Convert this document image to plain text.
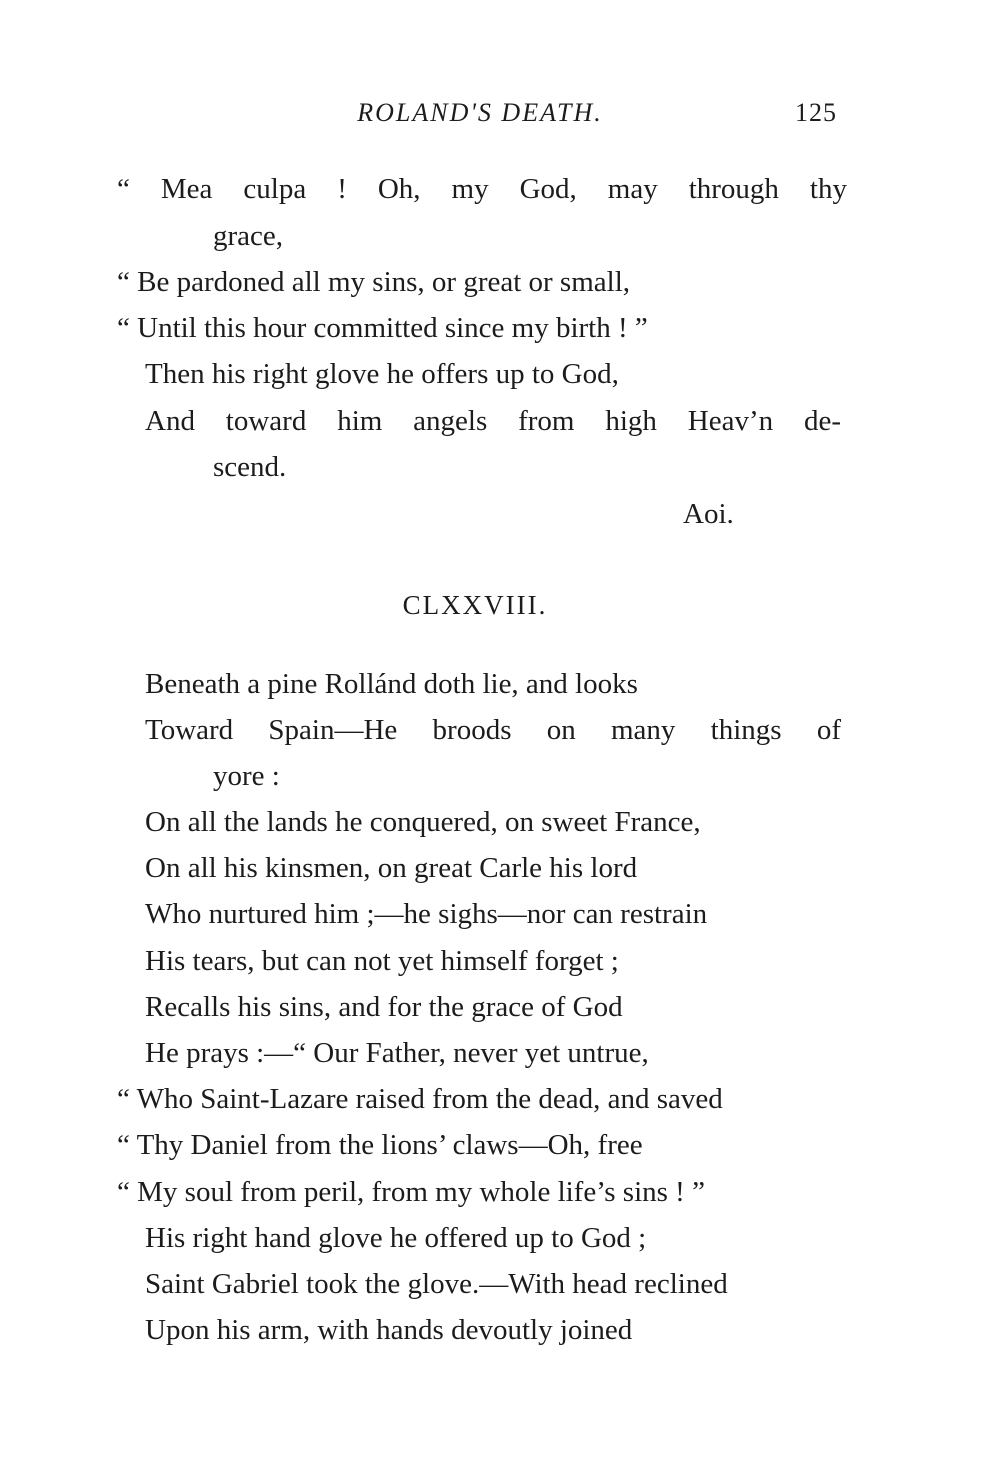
ROLAND'S DEATH.	125
“ Mea culpa ! Oh, my God, may through thy
grace,
“ Be pardoned all my sins, or great or small,
“ Until this hour committed since my birth ! ”
Then his right glove he offers up to God,
And toward him angels from high Heav’n de-
scend.
Aoi.
CLXXVIII.
Beneath a pine Rollánd doth lie, and looks
Toward Spain—He broods on many things of
yore :
On all the lands he conquered, on sweet France,
On all his kinsmen, on great Carle his lord
Who nurtured him ;—he sighs—nor can restrain
His tears, but can not yet himself forget ;
Recalls his sins, and for the grace of God
He prays :—“ Our Father, never yet untrue,
“ Who Saint-Lazare raised from the dead, and saved
“ Thy Daniel from the lions’ claws—Oh, free
“ My soul from peril, from my whole life’s sins ! ”
His right hand glove he offered up to God ;
Saint Gabriel took the glove.—With head reclined
Upon his arm, with hands devoutly joined
